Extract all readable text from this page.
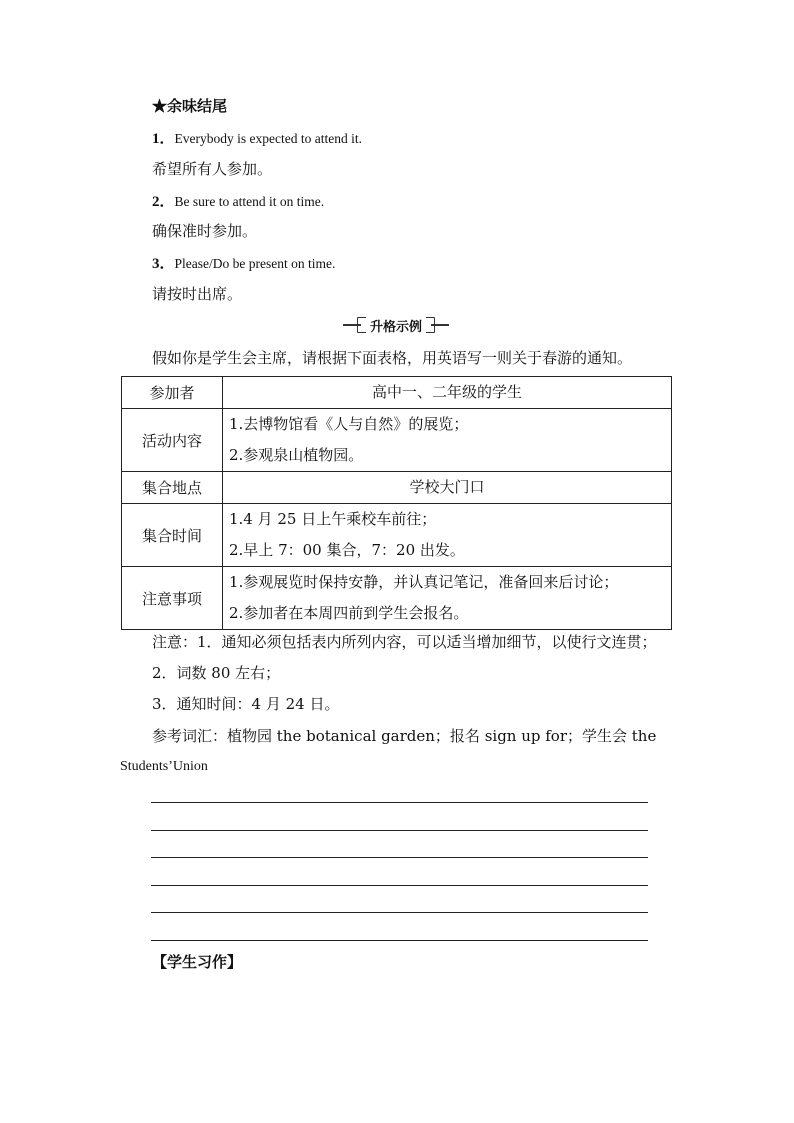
★余味结尾
1．Everybody is expected to attend it.
希望所有人参加。
2．Be sure to attend it on time.
确保准时参加。
3．Please/Do be present on time.
请按时出席。
升格示例
假如你是学生会主席，请根据下面表格，用英语写一则关于春游的通知。
参加者	高中一、二年级的学生

活动内容	1.去博物馆看《人与自然》的展览；
2.参观泉山植物园。

集合地点	学校大门口

集合时间	1.4 月 25 日上午乘校车前往；
2.早上 7：00 集合，7：20 出发。

注意事项	1.参观展览时保持安静，并认真记笔记，准备回来后讨论；
2.参加者在本周四前到学生会报名。
注意：1．通知必须包括表内所列内容，可以适当增加细节，以使行文连贯；
2．词数 80 左右；
3．通知时间：4 月 24 日。
参考词汇：植物园 the botanical garden；报名 sign up for；学生会 the
Students’Union
【学生习作】
